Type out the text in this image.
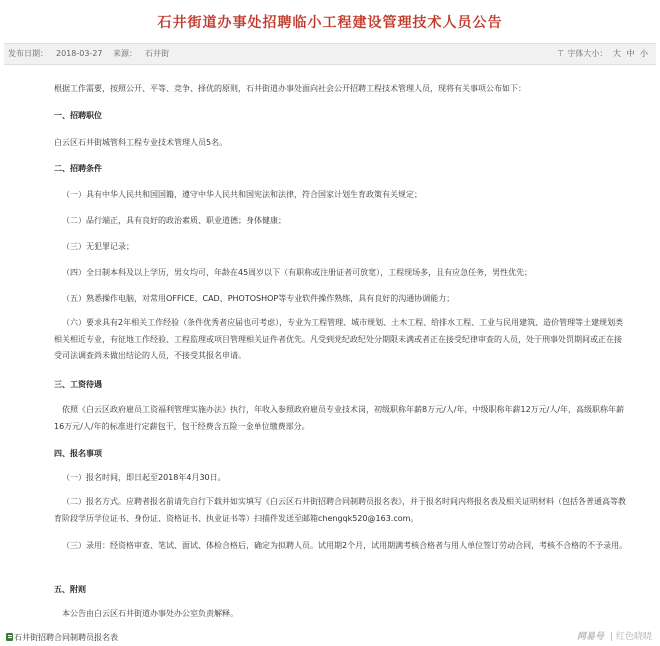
石井街道办事处招聘临小工程建设管理技术人员公告
发布日期： 2018-03-27 来源： 石井街	⊤ 字体大小： 大 中 小
根据工作需要，按照公开、平等、竞争、择优的原则，石井街道办事处面向社会公开招聘工程技术管理人员，现将有关事项公布如下：
一、招聘职位
白云区石井街城管科工程专业技术管理人员5名。
二、招聘条件
（一）具有中华人民共和国国籍，遵守中华人民共和国宪法和法律，符合国家计划生育政策有关规定；
（二）品行端正，具有良好的政治素质、职业道德；身体健康；
（三）无犯罪记录；
（四）全日制本科及以上学历，男女均可，年龄在45周岁以下（有职称或注册证者可放宽），工程现场多，且有应急任务，男性优先；
（五）熟悉操作电脑，对常用OFFICE、CAD、PHOTOSHOP等专业软件操作熟练，具有良好的沟通协调能力；
（六）要求具有2年相关工作经验（条件优秀者应届也可考虑），专业为工程管理、城市规划、土木工程、给排水工程、工业与民用建筑、造价管理等土建规划类相关相近专业，有征地工作经验、工程监理或项目管理相关证件者优先。凡受到党纪政纪处分期限未满或者正在接受纪律审查的人员，处于刑事处罚期间或正在接受司法调查尚未做出结论的人员，不接受其报名申请。
三、工资待遇
依照《白云区政府雇员工资福利管理实施办法》执行，年收入参照政府雇员专业技术岗，初级职称年薪8万元/人/年，中级职称年薪12万元/人/年，高级职称年薪16万元/人/年的标准进行定薪包干，包干经费含五险一金单位缴费部分。
四、报名事项
（一）报名时间，即日起至2018年4月30日。
（二）报名方式。应聘者报名前请先自行下载并如实填写《白云区石井街招聘合同制聘员报名表》，并于报名时间内将报名表及相关证明材料（包括各普通高等教育阶段学历学位证书、身份证、资格证书、执业证书等）扫描件发送至邮箱chengqk520@163.com。
（三）录用：经资格审查、笔试、面试、体检合格后，确定为拟聘人员。试用期2个月，试用期满考核合格者与用人单位签订劳动合同，考核不合格的不予录用。
五、附则
本公告由白云区石井街道办事处办公室负责解释。
石井街招聘合同制聘员报名表	网易号 | 红色晓晓
